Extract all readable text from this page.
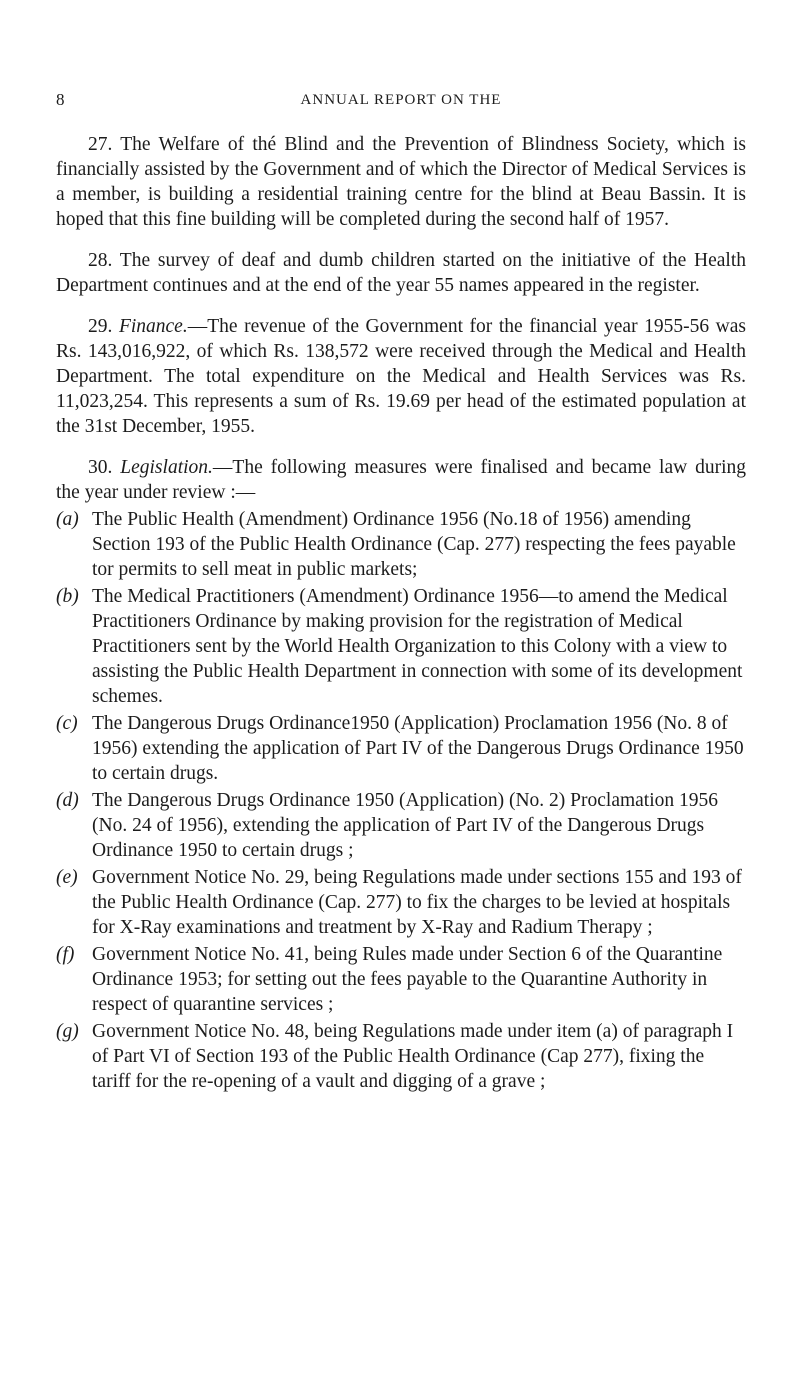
8	ANNUAL REPORT ON THE

27. The Welfare of thé Blind and the Prevention of Blindness Society, which is financially assisted by the Government and of which the Director of Medical Services is a member, is building a residential training centre for the blind at Beau Bassin. It is hoped that this fine building will be completed during the second half of 1957.

28. The survey of deaf and dumb children started on the initiative of the Health Department continues and at the end of the year 55 names appeared in the register.

29. Finance.—The revenue of the Government for the financial year 1955-56 was Rs. 143,016,922, of which Rs. 138,572 were received through the Medical and Health Department. The total expenditure on the Medical and Health Services was Rs. 11,023,254. This represents a sum of Rs. 19.69 per head of the estimated population at the 31st December, 1955.

30. Legislation.—The following measures were finalised and became law during the year under review :—

(a) The Public Health (Amendment) Ordinance 1956 (No.18 of 1956) amending Section 193 of the Public Health Ordinance (Cap. 277) respecting the fees payable tor permits to sell meat in public markets;
(b) The Medical Practitioners (Amendment) Ordinance 1956—to amend the Medical Practitioners Ordinance by making provision for the registration of Medical Practitioners sent by the World Health Organization to this Colony with a view to assisting the Public Health Department in connection with some of its development schemes.
(c) The Dangerous Drugs Ordinance1950 (Application) Proclamation 1956 (No. 8 of 1956) extending the application of Part IV of the Dangerous Drugs Ordinance 1950 to certain drugs.
(d) The Dangerous Drugs Ordinance 1950 (Application) (No. 2) Proclamation 1956 (No. 24 of 1956), extending the application of Part IV of the Dangerous Drugs Ordinance 1950 to certain drugs ;
(e) Government Notice No. 29, being Regulations made under sections 155 and 193 of the Public Health Ordinance (Cap. 277) to fix the charges to be levied at hospitals for X-Ray examinations and treatment by X-Ray and Radium Therapy ;
(f) Government Notice No. 41, being Rules made under Section 6 of the Quarantine Ordinance 1953; for setting out the fees payable to the Quarantine Authority in respect of quarantine services ;
(g) Government Notice No. 48, being Regulations made under item (a) of paragraph I of Part VI of Section 193 of the Public Health Ordinance (Cap 277), fixing the tariff for the re-opening of a vault and digging of a grave ;
